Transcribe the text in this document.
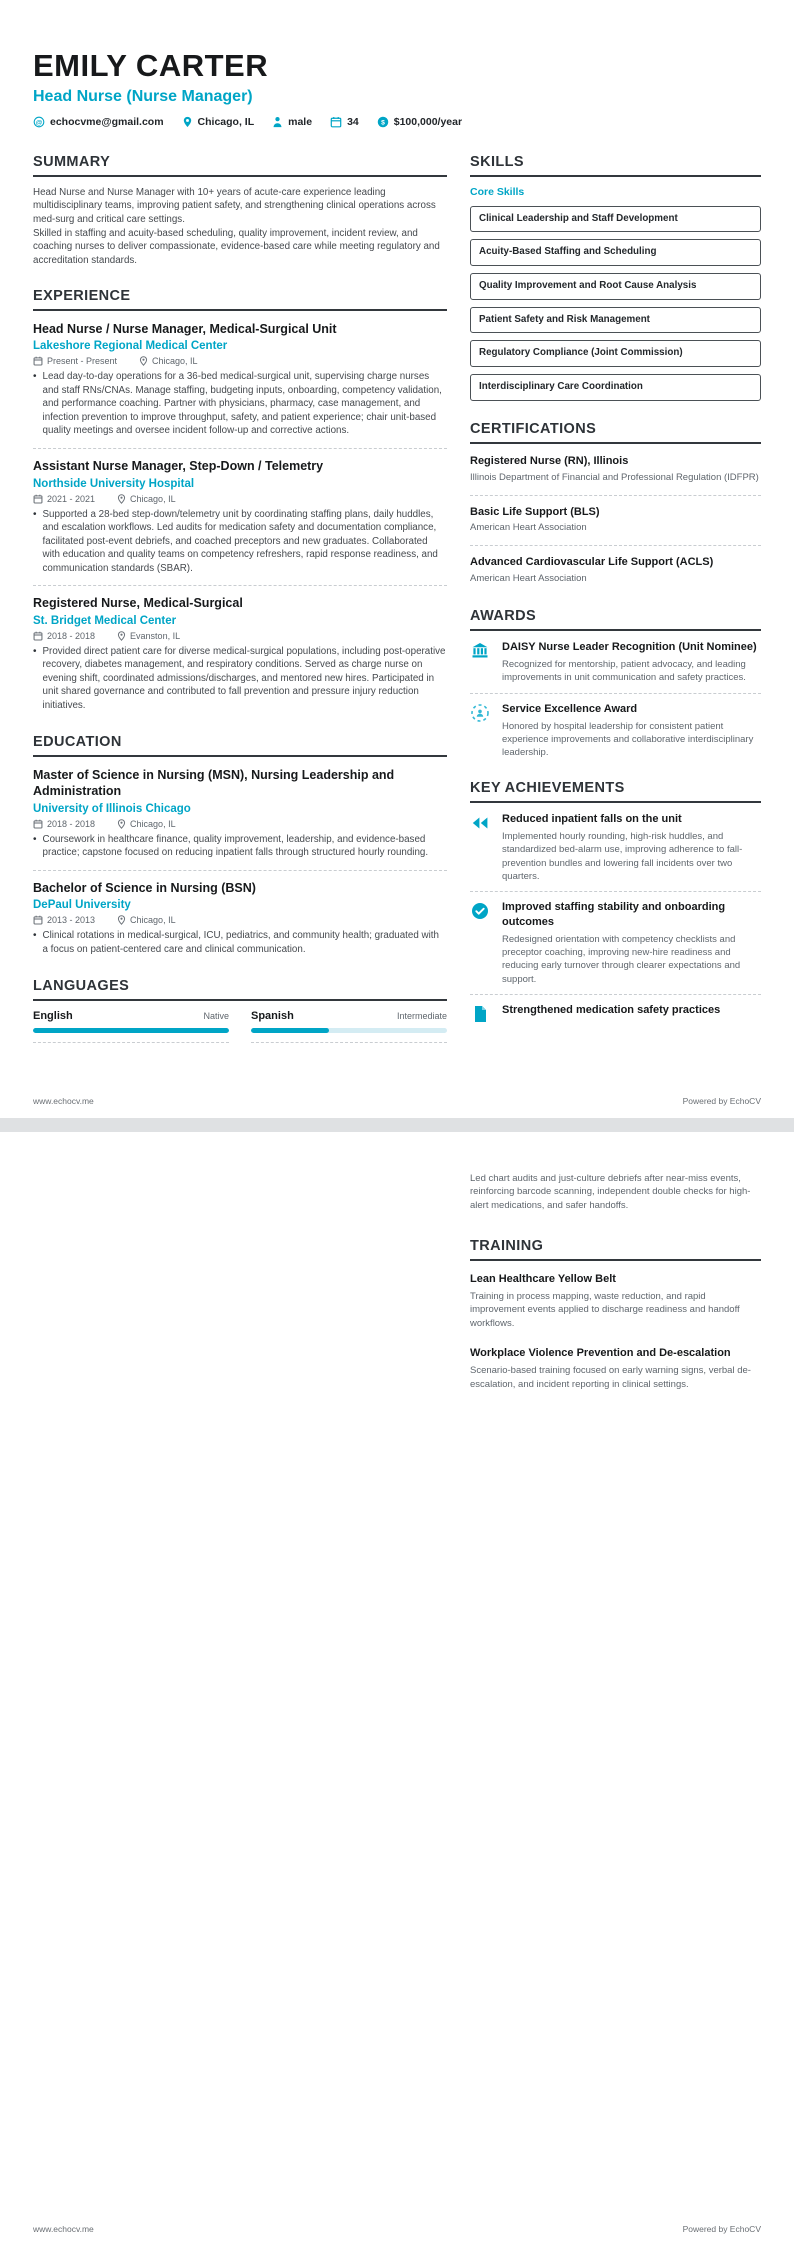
EMILY CARTER
Head Nurse (Nurse Manager)
@ echocvme@gmail.com	Chicago, IL	male	34 $ $100,000/year
SUMMARY

Head Nurse and Nurse Manager with 10+ years of acute-care experience leading multidisciplinary teams, improving patient safety, and strengthening clinical operations across med-surg and critical care settings.

Skilled in staffing and acuity-based scheduling, quality improvement, incident review, and coaching nurses to deliver compassionate, evidence-based care while meeting regulatory and accreditation standards.

EXPERIENCE
Head Nurse / Nurse Manager, Medical-Surgical Unit
Lakeshore Regional Medical Center
Present - Present	Chicago, IL
• Lead day-to-day operations for a 36-bed medical-surgical unit, supervising charge nurses and staff RNs/CNAs. Manage staffing, budgeting inputs, onboarding, competency validation, and performance coaching. Partner with physicians, pharmacy, case management, and infection prevention to improve throughput, safety, and patient experience; chair unit-based quality meetings and oversee incident follow-up and corrective actions.
Assistant Nurse Manager, Step-Down / Telemetry
Northside University Hospital
2021 - 2021	Chicago, IL
• Supported a 28-bed step-down/telemetry unit by coordinating staffing plans, daily huddles, and escalation workflows. Led audits for medication safety and documentation compliance, facilitated post-event debriefs, and coached preceptors and new graduates. Collaborated with education and quality teams on competency refreshers, rapid response readiness, and communication standards (SBAR).
Registered Nurse, Medical-Surgical
St. Bridget Medical Center
2018 - 2018	Evanston, IL
• Provided direct patient care for diverse medical-surgical populations, including post-operative recovery, diabetes management, and respiratory conditions. Served as charge nurse on evening shift, coordinated admissions/discharges, and mentored new hires. Participated in unit shared governance and contributed to fall prevention and pressure injury reduction initiatives.
EDUCATION
Master of Science in Nursing (MSN), Nursing Leadership and Administration
University of Illinois Chicago
2018 - 2018	Chicago, IL
• Coursework in healthcare finance, quality improvement, leadership, and evidence-based practice; capstone focused on reducing inpatient falls through structured hourly rounding.
Bachelor of Science in Nursing (BSN)
DePaul University
2013 - 2013	Chicago, IL
• Clinical rotations in medical-surgical, ICU, pediatrics, and community health; graduated with a focus on patient-centered care and clinical communication.
LANGUAGES
English	Native Spanish	Intermediate
SKILLS
Core Skills
Clinical Leadership and Staff Development
Acuity-Based Staffing and Scheduling
Quality Improvement and Root Cause Analysis
Patient Safety and Risk Management
Regulatory Compliance (Joint Commission)
Interdisciplinary Care Coordination
CERTIFICATIONS
Registered Nurse (RN), Illinois
Illinois Department of Financial and Professional Regulation (IDFPR)
Basic Life Support (BLS)
American Heart Association
Advanced Cardiovascular Life Support (ACLS)
American Heart Association
AWARDS
DAISY Nurse Leader Recognition (Unit Nominee)
Recognized for mentorship, patient advocacy, and leading improvements in unit communication and safety practices.
Service Excellence Award
Honored by hospital leadership for consistent patient experience improvements and collaborative interdisciplinary leadership.
KEY ACHIEVEMENTS
Reduced inpatient falls on the unit
Implemented hourly rounding, high-risk huddles, and standardized bed-alarm use, improving adherence to fall-prevention bundles and lowering fall incidents over two quarters.
Improved staffing stability and onboarding outcomes
Redesigned orientation with competency checklists and preceptor coaching, improving new-hire readiness and reducing early turnover through clearer expectations and support.
Strengthened medication safety practices
www.echocv.me	Powered by EchoCV

Led chart audits and just-culture debriefs after near-miss events, reinforcing barcode scanning, independent double checks for high-alert medications, and safer handoffs.

TRAINING
Lean Healthcare Yellow Belt
Training in process mapping, waste reduction, and rapid improvement events applied to discharge readiness and handoff workflows.
Workplace Violence Prevention and De-escalation
Scenario-based training focused on early warning signs, verbal de-escalation, and incident reporting in clinical settings.
www.echocv.me	Powered by EchoCV
